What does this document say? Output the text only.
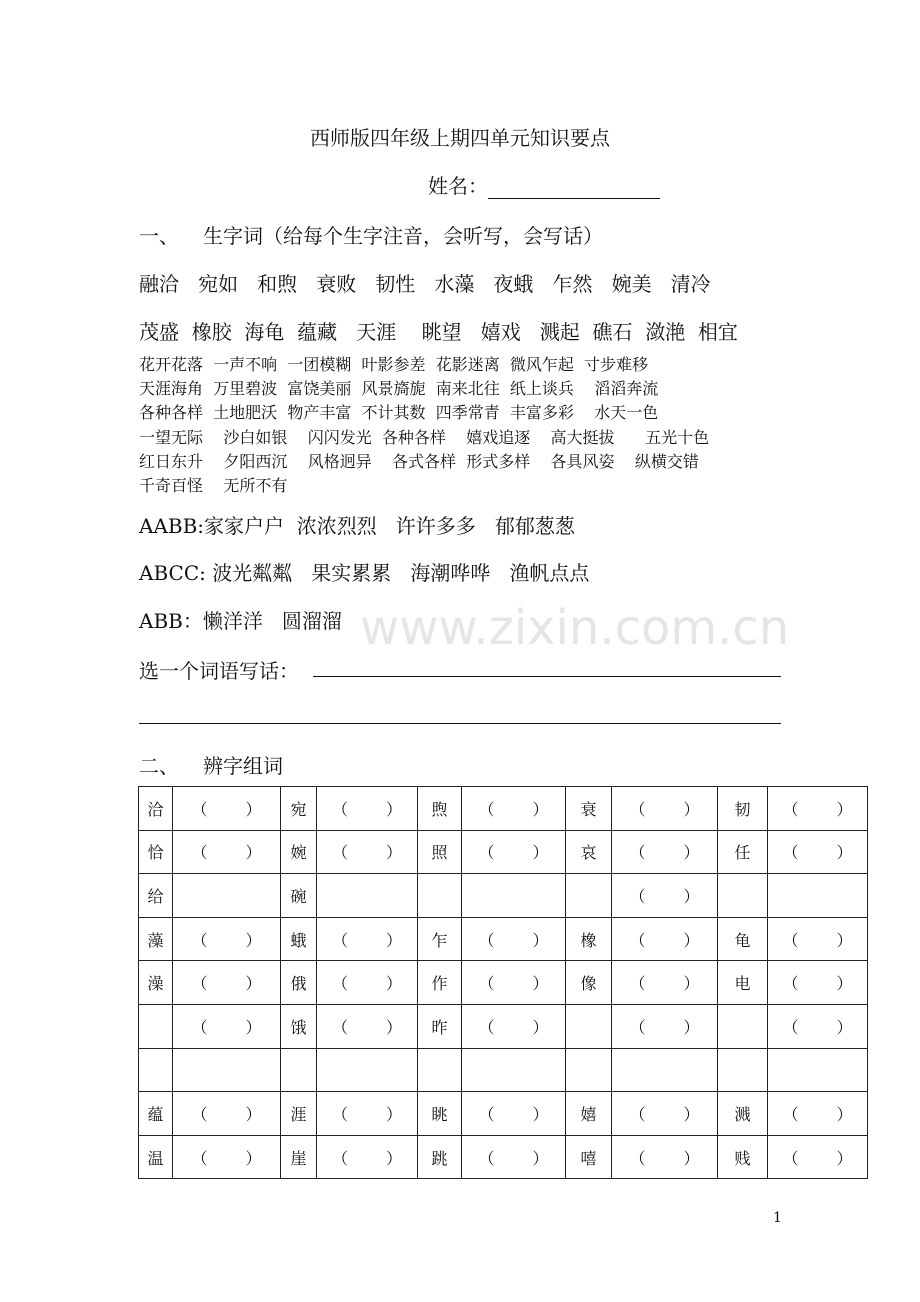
西师版四年级上期四单元知识要点
姓名：
一、 生字词（给每个生字注音，会听写，会写话）
融洽   宛如   和煦   衰败   韧性   水藻   夜蛾   乍然   婉美   清冷
茂盛  橡胶  海龟  蕴藏   天涯    眺望   嬉戏   溅起  礁石  潋滟  相宜
花开花落  一声不响  一团模糊  叶影参差  花影迷离  微风乍起  寸步难移
天涯海角  万里碧波  富饶美丽  风景旖旎  南来北往  纸上谈兵    滔滔奔流
各种各样  土地肥沃  物产丰富  不计其数  四季常青  丰富多彩    水天一色
一望无际    沙白如银    闪闪发光  各种各样    嬉戏追逐    高大挺拔      五光十色
红日东升    夕阳西沉    风格迥异    各式各样  形式多样    各具风姿    纵横交错
千奇百怪    无所不有
AABB:家家户户  浓浓烈烈   许许多多   郁郁葱葱
ABCC: 波光粼粼   果实累累   海潮哗哗   渔帆点点
ABB：懒洋洋   圆溜溜
选一个词语写话：
二、 辨字组词
洽	（ ）	宛	（ ）	煦	（ ）	衰	（ ）	韧	（ ）

恰	（ ）	婉	（ ）	照	（ ）	哀	（ ）	任	（ ）

给		碗					（ ）		

藻	（ ）	蛾	（ ）	乍	（ ）	橡	（ ）	龟	（ ）

澡	（ ）	俄	（ ）	作	（ ）	像	（ ）	电	（ ）

	（ ）	饿	（ ）	昨	（ ）		（ ）		（ ）

蕴	（ ）	涯	（ ）	眺	（ ）	嬉	（ ）	溅	（ ）

温	（ ）	崖	（ ）	跳	（ ）	嘻	（ ）	贱	（ ）
www.zixin.com.cn
1
